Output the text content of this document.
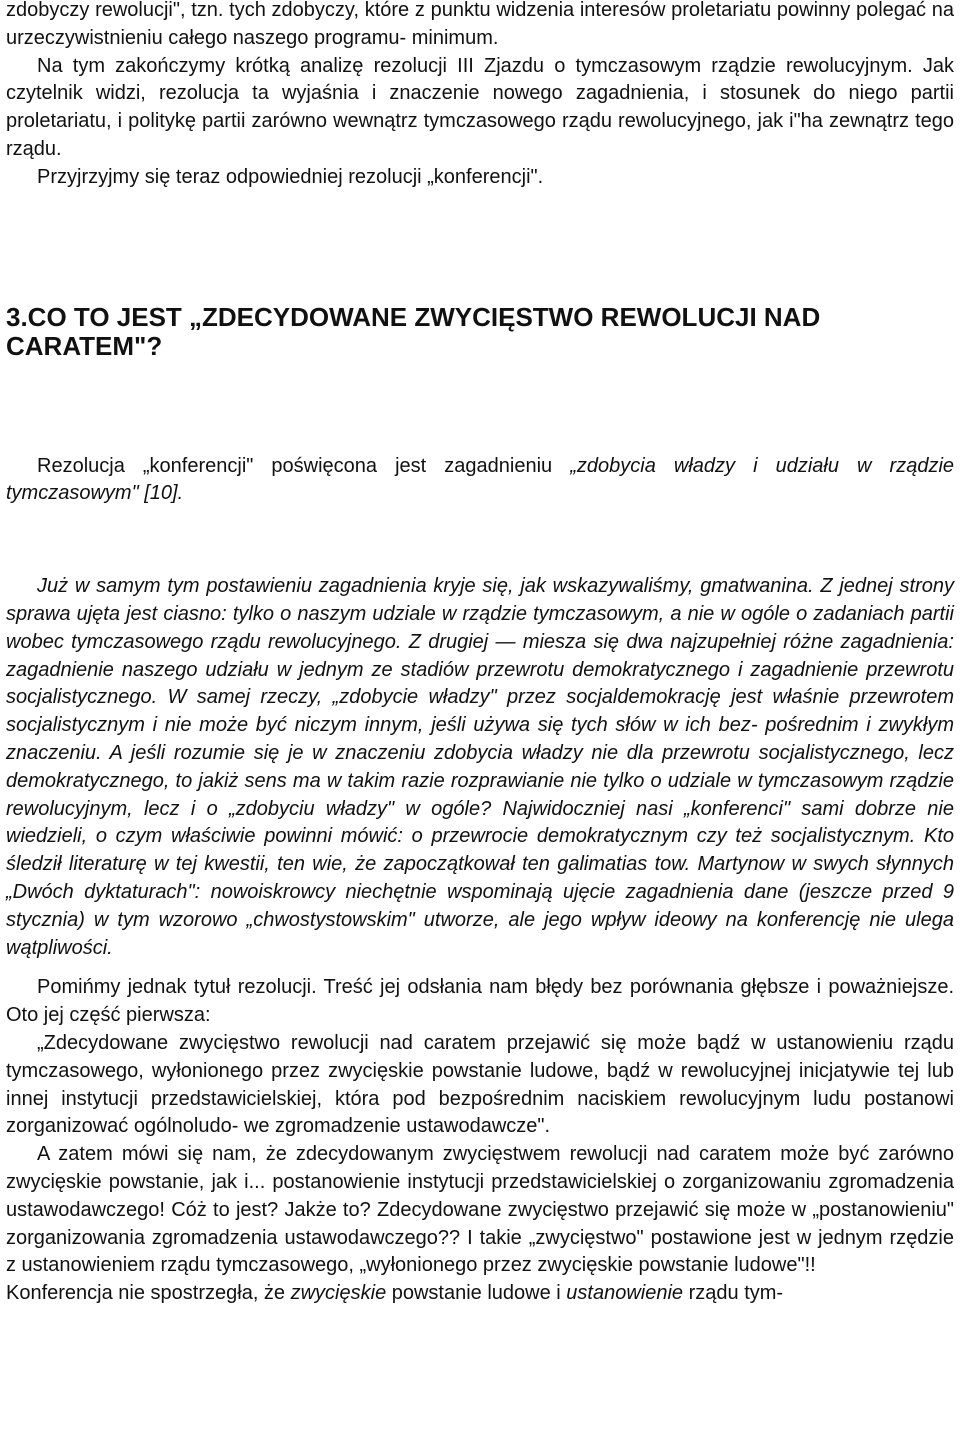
zdobyczy rewolucji", tzn. tych zdobyczy, które z punktu widzenia interesów proletariatu powinny polegać na urzeczywistnieniu całego naszego programu- minimum.

Na tym zakończymy krótką analizę rezolucji III Zjazdu o tymczasowym rządzie rewolucyjnym. Jak czytelnik widzi, rezolucja ta wyjaśnia i znaczenie nowego zagadnienia, i stosunek do niego partii proletariatu, i politykę partii zarówno wewnątrz tymczasowego rządu rewolucyjnego, jak i"ha zewnątrz tego rządu.

Przyjrzyjmy się teraz odpowiedniej rezolucji „konferencji".

3.CO TO JEST „ZDECYDOWANE ZWYCIĘSTWO REWOLUCJI NAD CARATEM"?

Rezolucja „konferencji" poświęcona jest zagadnieniu „zdobycia władzy i udziału w rządzie tymczasowym" [10].

Już w samym tym postawieniu zagadnienia kryje się, jak wskazywaliśmy, gmatwanina. Z jednej strony sprawa ujęta jest ciasno: tylko o naszym udziale w rządzie tymczasowym, a nie w ogóle o zadaniach partii wobec tymczasowego rządu rewolucyjnego. Z drugiej — miesza się dwa najzupełniej różne zagadnienia: zagadnienie naszego udziału w jednym ze stadiów przewrotu demokratycznego i zagadnienie przewrotu socjalistycznego. W samej rzeczy, „zdobycie władzy" przez socjaldemokrację jest właśnie przewrotem socjalistycznym i nie może być niczym innym, jeśli używa się tych słów w ich bez- pośrednim i zwykłym znaczeniu. A jeśli rozumie się je w znaczeniu zdobycia władzy nie dla przewrotu socjalistycznego, lecz demokratycznego, to jakiż sens ma w takim razie rozprawianie nie tylko o udziale w tymczasowym rządzie rewolucyjnym, lecz i o „zdobyciu władzy" w ogóle? Najwidoczniej nasi „konferenci" sami dobrze nie wiedzieli, o czym właściwie powinni mówić: o przewrocie demokratycznym czy też socjalistycznym. Kto śledził literaturę w tej kwestii, ten wie, że zapoczątkował ten galimatias tow. Martynow w swych słynnych „Dwóch dyktaturach": nowoiskrowcy niechętnie wspominają ujęcie zagadnienia dane (jeszcze przed 9 stycznia) w tym wzorowo „chwostystowskim" utworze, ale jego wpływ ideowy na konferencję nie ulega wątpliwości.

Pomińmy jednak tytuł rezolucji. Treść jej odsłania nam błędy bez porównania głębsze i poważniejsze. Oto jej część pierwsza:

„Zdecydowane zwycięstwo rewolucji nad caratem przejawić się może bądź w ustanowieniu rządu tymczasowego, wyłonionego przez zwycięskie powstanie ludowe, bądź w rewolucyjnej inicjatywie tej lub innej instytucji przedstawicielskiej, która pod bezpośrednim naciskiem rewolucyjnym ludu postanowi zorganizować ogólnoludo- we zgromadzenie ustawodawcze".

A zatem mówi się nam, że zdecydowanym zwycięstwem rewolucji nad caratem może być zarówno zwycięskie powstanie, jak i... postanowienie instytucji przedstawicielskiej o zorganizowaniu zgromadzenia ustawodawczego! Cóż to jest? Jakże to? Zdecydowane zwycięstwo przejawić się może w „postanowieniu" zorganizowania zgromadzenia ustawodawczego?? I takie „zwycięstwo" postawione jest w jednym rzędzie z ustanowieniem rządu tymczasowego, „wyłonionego przez zwycięskie powstanie ludowe"!!

Konferencja nie spostrzegła, że zwycięskie powstanie ludowe i ustanowienie rządu tym-
